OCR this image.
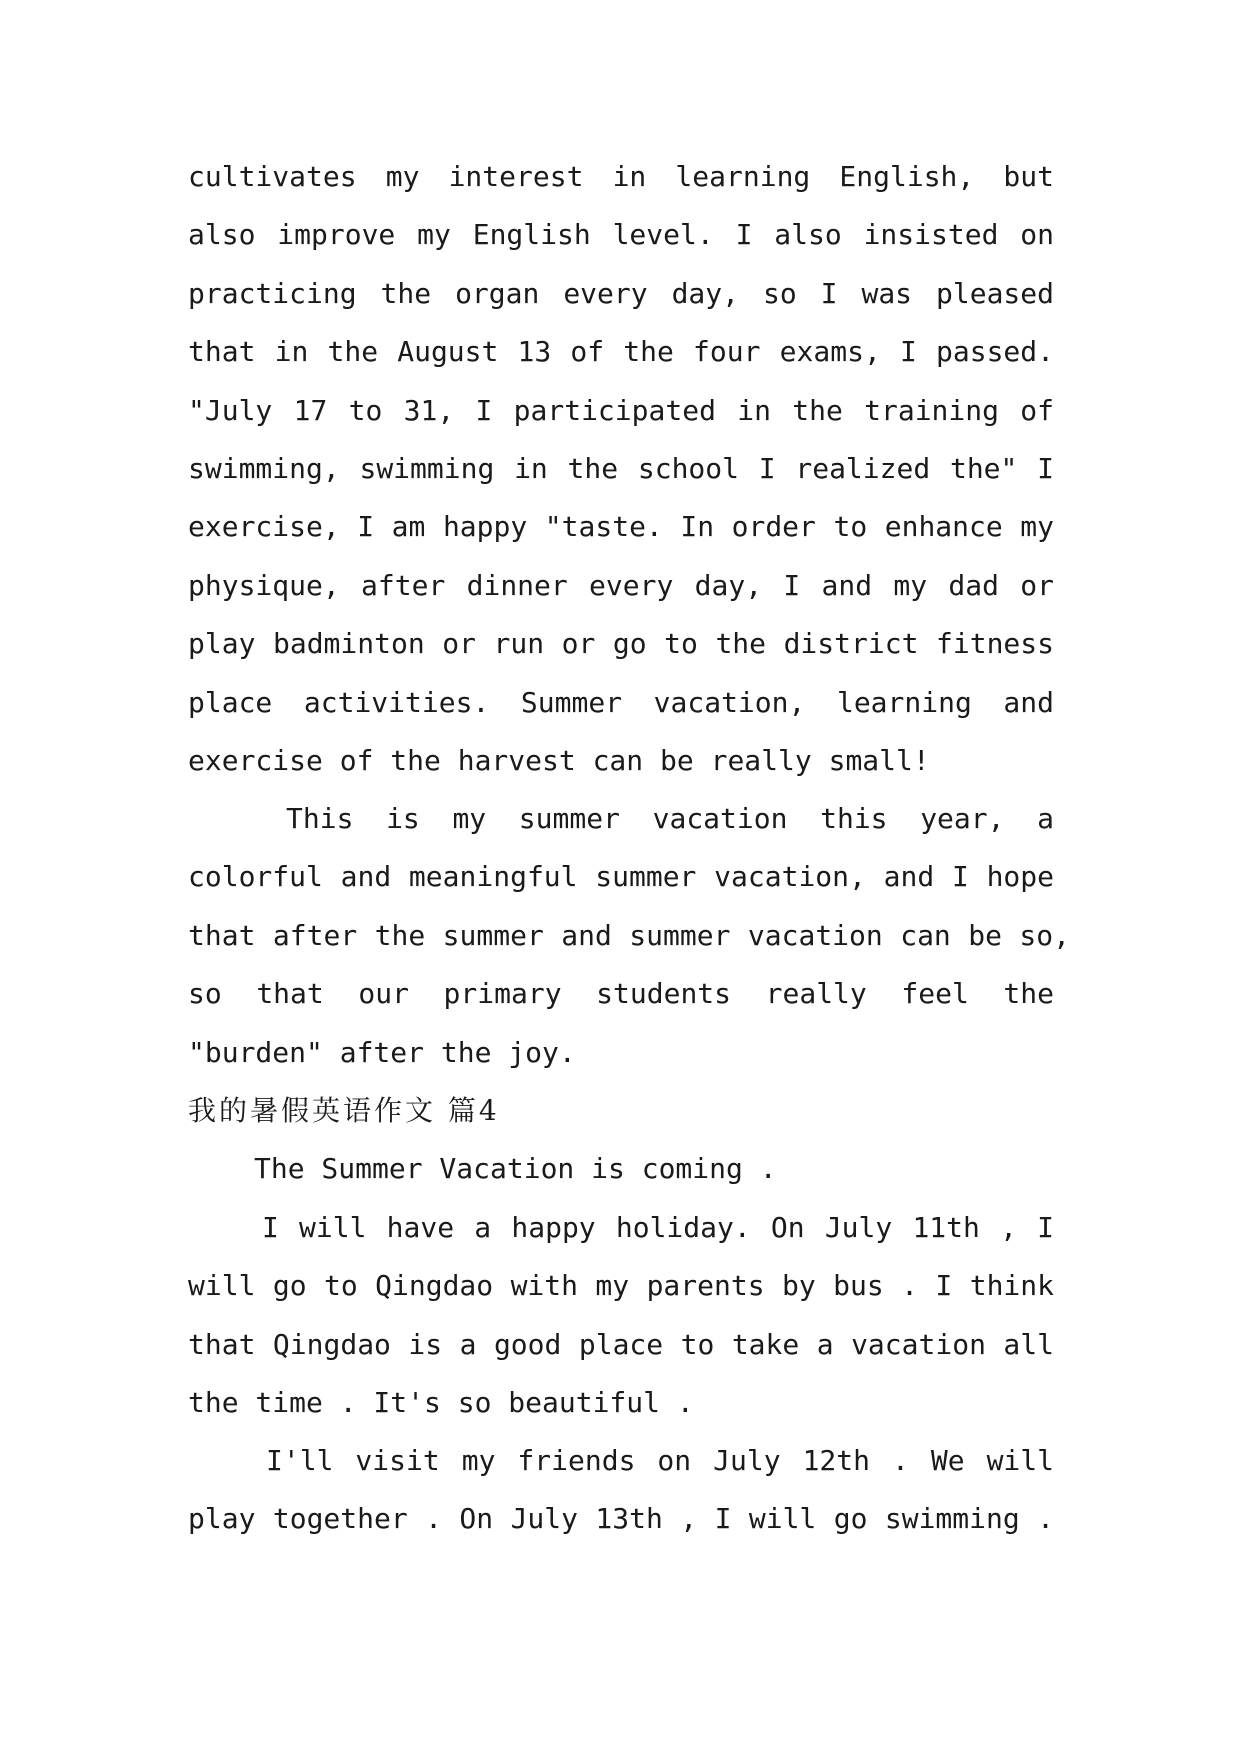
cultivates my interest in learning English, but
also improve my English level. I also insisted on
practicing the organ every day, so I was pleased
that in the August 13 of the four exams, I passed.
"July 17 to 31, I participated in the training of
swimming, swimming in the school I realized the" I
exercise, I am happy "taste. In order to enhance my
physique, after dinner every day, I and my dad or
play badminton or run or go to the district fitness
place activities. Summer vacation, learning and
exercise of the harvest can be really small!
This is my summer vacation this year, a
colorful and meaningful summer vacation, and I hope
that after the summer and summer vacation can be so,
so that our primary students really feel the
"burden" after the joy.
我的暑假英语作文 篇4
The Summer Vacation is coming .
I will have a happy holiday. On July 11th , I
will go to Qingdao with my parents by bus . I think
that Qingdao is a good place to take a vacation all
the time . It's so beautiful .
I'll visit my friends on July 12th . We will
play together . On July 13th , I will go swimming .
